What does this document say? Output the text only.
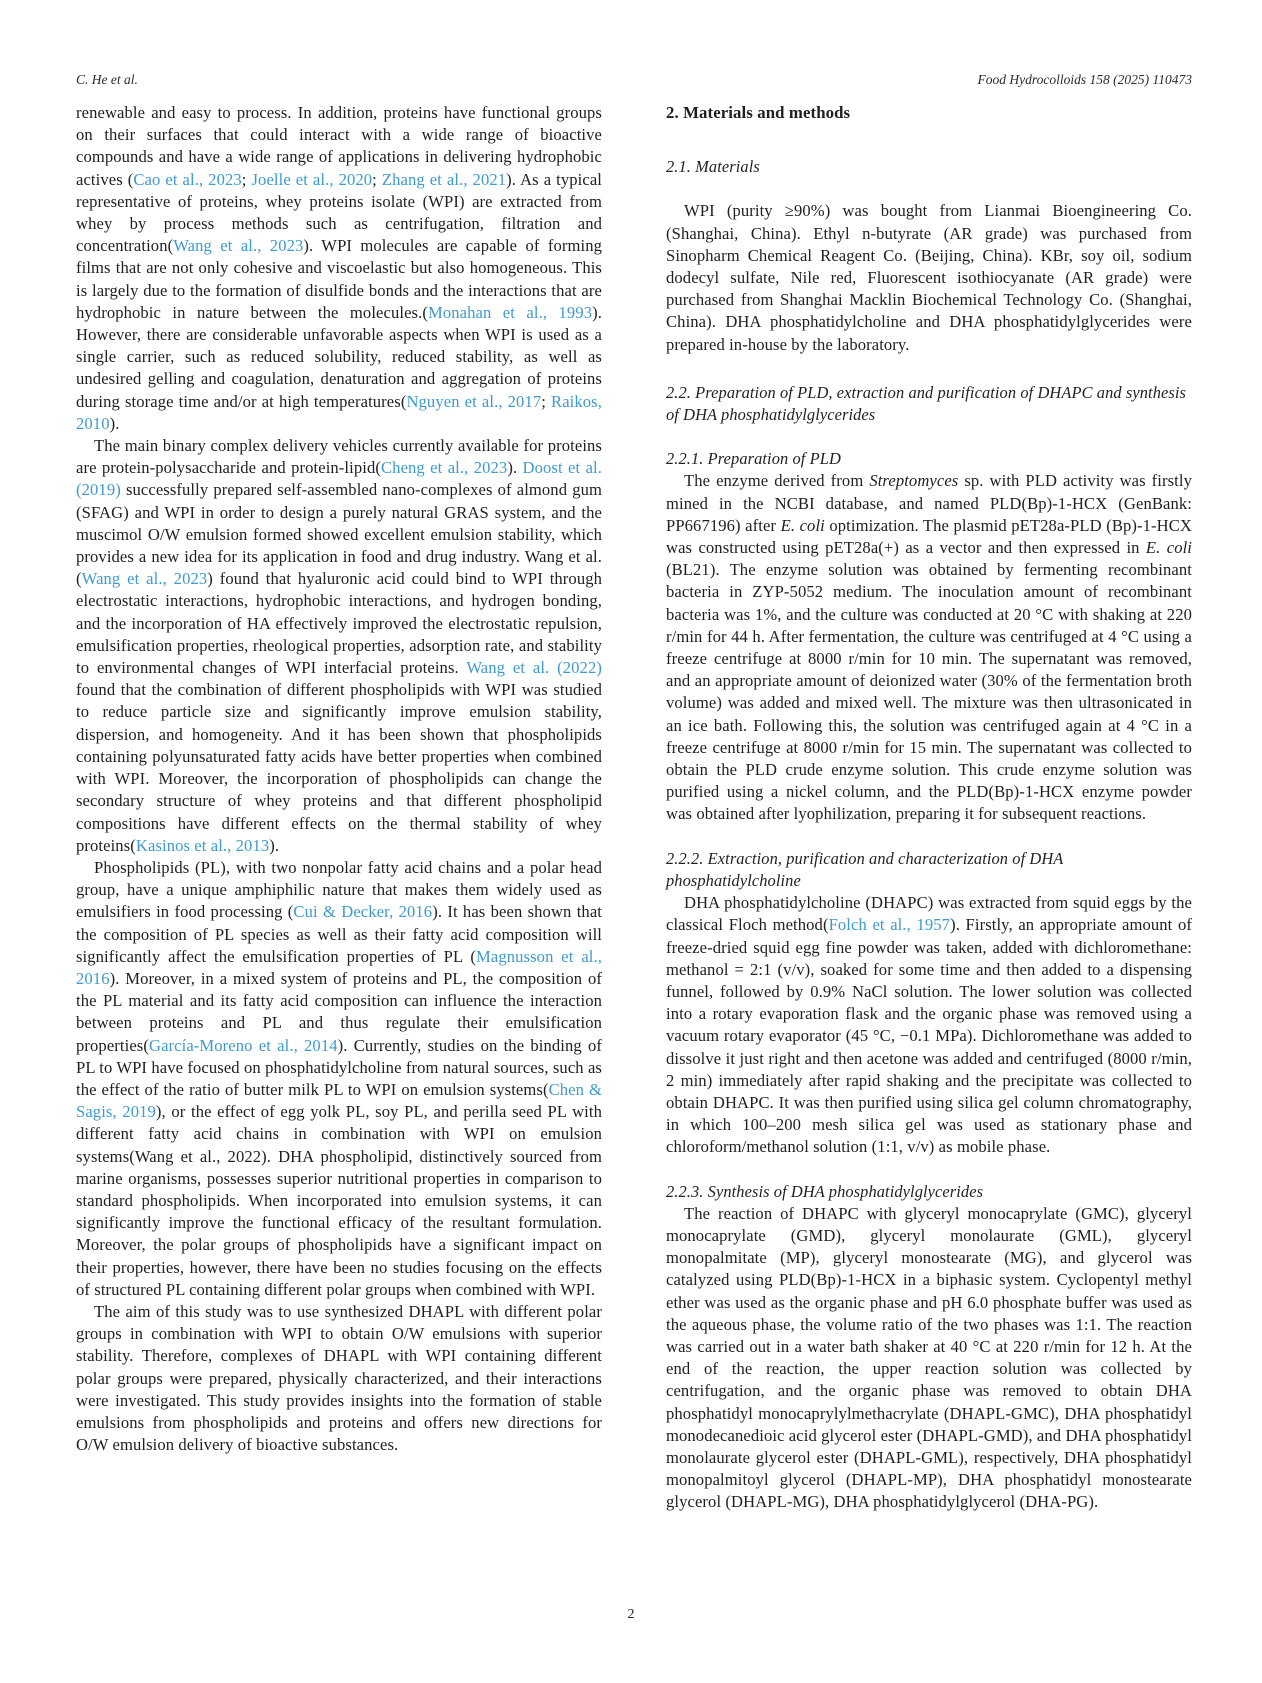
C. He et al.	Food Hydrocolloids 158 (2025) 110473

renewable and easy to process. In addition, proteins have functional groups on their surfaces that could interact with a wide range of bioactive compounds and have a wide range of applications in delivering hydrophobic actives (Cao et al., 2023; Joelle et al., 2020; Zhang et al., 2021). As a typical representative of proteins, whey proteins isolate (WPI) are extracted from whey by process methods such as centrifugation, filtration and concentration(Wang et al., 2023). WPI molecules are capable of forming films that are not only cohesive and viscoelastic but also homogeneous. This is largely due to the formation of disulfide bonds and the interactions that are hydrophobic in nature between the molecules.(Monahan et al., 1993). However, there are considerable unfavorable aspects when WPI is used as a single carrier, such as reduced solubility, reduced stability, as well as undesired gelling and coagulation, denaturation and aggregation of proteins during storage time and/or at high temperatures(Nguyen et al., 2017; Raikos, 2010).

The main binary complex delivery vehicles currently available for proteins are protein-polysaccharide and protein-lipid(Cheng et al., 2023). Doost et al. (2019) successfully prepared self-assembled nano-complexes of almond gum (SFAG) and WPI in order to design a purely natural GRAS system, and the muscimol O/W emulsion formed showed excellent emulsion stability, which provides a new idea for its application in food and drug industry. Wang et al.(Wang et al., 2023) found that hyaluronic acid could bind to WPI through electrostatic interactions, hydrophobic interactions, and hydrogen bonding, and the incorporation of HA effectively improved the electrostatic repulsion, emulsification properties, rheological properties, adsorption rate, and stability to environmental changes of WPI interfacial proteins. Wang et al. (2022) found that the combination of different phospholipids with WPI was studied to reduce particle size and significantly improve emulsion stability, dispersion, and homogeneity. And it has been shown that phospholipids containing polyunsaturated fatty acids have better properties when combined with WPI. Moreover, the incorporation of phospholipids can change the secondary structure of whey proteins and that different phospholipid compositions have different effects on the thermal stability of whey proteins(Kasinos et al., 2013).

Phospholipids (PL), with two nonpolar fatty acid chains and a polar head group, have a unique amphiphilic nature that makes them widely used as emulsifiers in food processing (Cui & Decker, 2016). It has been shown that the composition of PL species as well as their fatty acid composition will significantly affect the emulsification properties of PL (Magnusson et al., 2016). Moreover, in a mixed system of proteins and PL, the composition of the PL material and its fatty acid composition can influence the interaction between proteins and PL and thus regulate their emulsification properties(García-Moreno et al., 2014). Currently, studies on the binding of PL to WPI have focused on phosphatidylcholine from natural sources, such as the effect of the ratio of butter milk PL to WPI on emulsion systems(Chen & Sagis, 2019), or the effect of egg yolk PL, soy PL, and perilla seed PL with different fatty acid chains in combination with WPI on emulsion systems(Wang et al., 2022). DHA phospholipid, distinctively sourced from marine organisms, possesses superior nutritional properties in comparison to standard phospholipids. When incorporated into emulsion systems, it can significantly improve the functional efficacy of the resultant formulation. Moreover, the polar groups of phospholipids have a significant impact on their properties, however, there have been no studies focusing on the effects of structured PL containing different polar groups when combined with WPI.

The aim of this study was to use synthesized DHAPL with different polar groups in combination with WPI to obtain O/W emulsions with superior stability. Therefore, complexes of DHAPL with WPI containing different polar groups were prepared, physically characterized, and their interactions were investigated. This study provides insights into the formation of stable emulsions from phospholipids and proteins and offers new directions for O/W emulsion delivery of bioactive substances.

2. Materials and methods
2.1. Materials

WPI (purity ≥90%) was bought from Lianmai Bioengineering Co. (Shanghai, China). Ethyl n-butyrate (AR grade) was purchased from Sinopharm Chemical Reagent Co. (Beijing, China). KBr, soy oil, sodium dodecyl sulfate, Nile red, Fluorescent isothiocyanate (AR grade) were purchased from Shanghai Macklin Biochemical Technology Co. (Shanghai, China). DHA phosphatidylcholine and DHA phosphatidylglycerides were prepared in-house by the laboratory.

2.2. Preparation of PLD, extraction and purification of DHAPC and synthesis of DHA phosphatidylglycerides
2.2.1. Preparation of PLD

The enzyme derived from Streptomyces sp. with PLD activity was firstly mined in the NCBI database, and named PLD(Bp)-1-HCX (GenBank: PP667196) after E. coli optimization. The plasmid pET28a-PLD (Bp)-1-HCX was constructed using pET28a(+) as a vector and then expressed in E. coli (BL21). The enzyme solution was obtained by fermenting recombinant bacteria in ZYP-5052 medium. The inoculation amount of recombinant bacteria was 1%, and the culture was conducted at 20 °C with shaking at 220 r/min for 44 h. After fermentation, the culture was centrifuged at 4 °C using a freeze centrifuge at 8000 r/min for 10 min. The supernatant was removed, and an appropriate amount of deionized water (30% of the fermentation broth volume) was added and mixed well. The mixture was then ultrasonicated in an ice bath. Following this, the solution was centrifuged again at 4 °C in a freeze centrifuge at 8000 r/min for 15 min. The supernatant was collected to obtain the PLD crude enzyme solution. This crude enzyme solution was purified using a nickel column, and the PLD(Bp)-1-HCX enzyme powder was obtained after lyophilization, preparing it for subsequent reactions.

2.2.2. Extraction, purification and characterization of DHA phosphatidylcholine

DHA phosphatidylcholine (DHAPC) was extracted from squid eggs by the classical Floch method(Folch et al., 1957). Firstly, an appropriate amount of freeze-dried squid egg fine powder was taken, added with dichloromethane: methanol = 2:1 (v/v), soaked for some time and then added to a dispensing funnel, followed by 0.9% NaCl solution. The lower solution was collected into a rotary evaporation flask and the organic phase was removed using a vacuum rotary evaporator (45 °C, −0.1 MPa). Dichloromethane was added to dissolve it just right and then acetone was added and centrifuged (8000 r/min, 2 min) immediately after rapid shaking and the precipitate was collected to obtain DHAPC. It was then purified using silica gel column chromatography, in which 100–200 mesh silica gel was used as stationary phase and chloroform/methanol solution (1:1, v/v) as mobile phase.

2.2.3. Synthesis of DHA phosphatidylglycerides

The reaction of DHAPC with glyceryl monocaprylate (GMC), glyceryl monocaprylate (GMD), glyceryl monolaurate (GML), glyceryl monopalmitate (MP), glyceryl monostearate (MG), and glycerol was catalyzed using PLD(Bp)-1-HCX in a biphasic system. Cyclopentyl methyl ether was used as the organic phase and pH 6.0 phosphate buffer was used as the aqueous phase, the volume ratio of the two phases was 1:1. The reaction was carried out in a water bath shaker at 40 °C at 220 r/min for 12 h. At the end of the reaction, the upper reaction solution was collected by centrifugation, and the organic phase was removed to obtain DHA phosphatidyl monocaprylylmethacrylate (DHAPL-GMC), DHA phosphatidyl monodecanedioic acid glycerol ester (DHAPL-GMD), and DHA phosphatidyl monolaurate glycerol ester (DHAPL-GML), respectively, DHA phosphatidyl monopalmitoyl glycerol (DHAPL-MP), DHA phosphatidyl monostearate glycerol (DHAPL-MG), DHA phosphatidylglycerol (DHA-PG).

2
